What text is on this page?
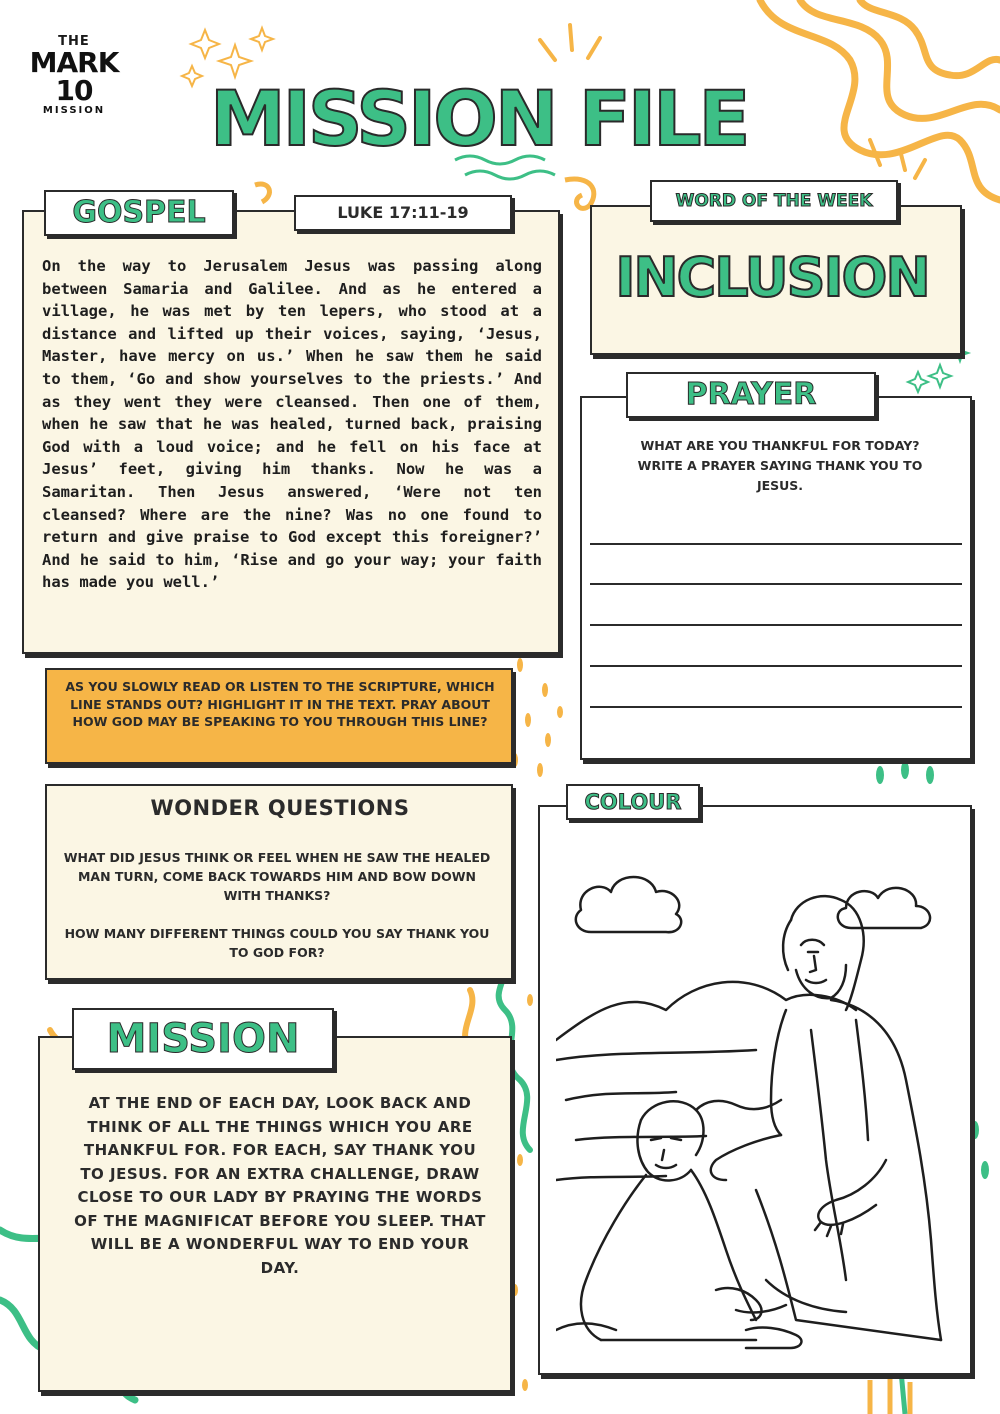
THE
MARK 10
MISSION	MISSION FILE
GOSPEL	LUKE 17:11-19
On the way to Jerusalem Jesus was passing along between Samaria and Galilee. And as he entered a village, he was met by ten lepers, who stood at a distance and lifted up their voices, saying, ‘Jesus, Master, have mercy on us.’ When he saw them he said to them, ‘Go and show yourselves to the priests.’ And as they went they were cleansed. Then one of them, when he saw that he was healed, turned back, praising God with a loud voice; and he fell on his face at Jesus’ feet, giving him thanks. Now he was a Samaritan. Then Jesus answered, ‘Were not ten cleansed? Where are the nine? Was no one found to return and give praise to God except this foreigner?’ And he said to him, ‘Rise and go your way; your faith has made you well.’
AS YOU SLOWLY READ OR LISTEN TO THE SCRIPTURE, WHICH LINE STANDS OUT? HIGHLIGHT IT IN THE TEXT. PRAY ABOUT HOW GOD MAY BE SPEAKING TO YOU THROUGH THIS LINE?
WORD OF THE WEEK
INCLUSION
PRAYER
WHAT ARE YOU THANKFUL FOR TODAY? WRITE A PRAYER SAYING THANK YOU TO JESUS.
WONDER QUESTIONS
WHAT DID JESUS THINK OR FEEL WHEN HE SAW THE HEALED MAN TURN, COME BACK TOWARDS HIM AND BOW DOWN WITH THANKS?
HOW MANY DIFFERENT THINGS COULD YOU SAY THANK YOU TO GOD FOR?
COLOUR
MISSION
AT THE END OF EACH DAY, LOOK BACK AND THINK OF ALL THE THINGS WHICH YOU ARE THANKFUL FOR. FOR EACH, SAY THANK YOU TO JESUS. FOR AN EXTRA CHALLENGE, DRAW CLOSE TO OUR LADY BY PRAYING THE WORDS OF THE MAGNIFICAT BEFORE YOU SLEEP. THAT WILL BE A WONDERFUL WAY TO END YOUR DAY.
